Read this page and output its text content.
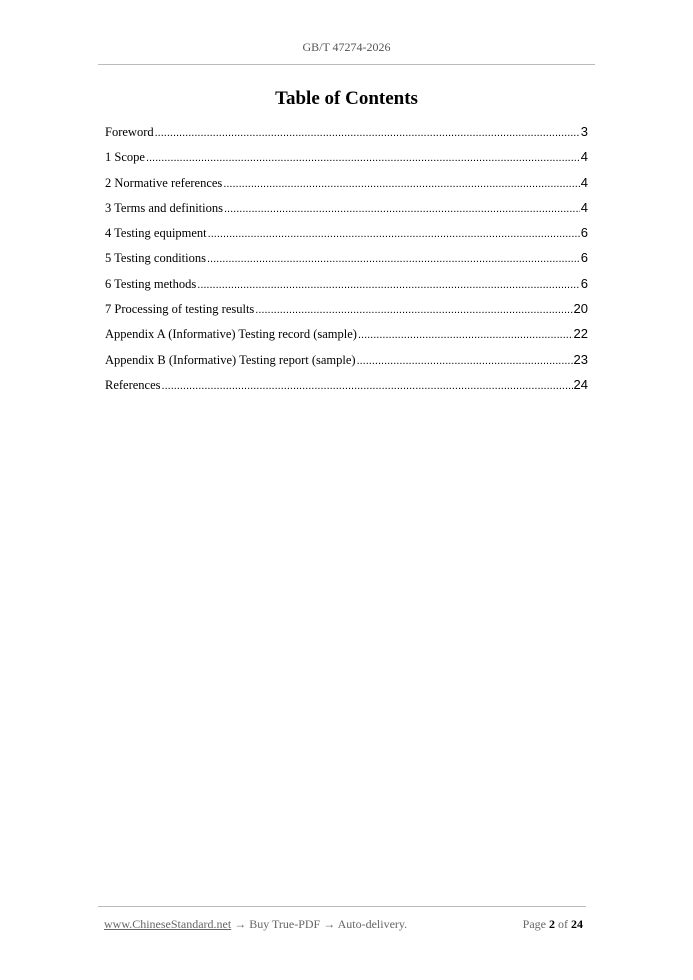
GB/T 47274-2026
Table of Contents
Foreword .....	3
1 Scope .....	4
2 Normative references .....	4
3 Terms and definitions .....	4
4 Testing equipment .....	6
5 Testing conditions .....	6
6 Testing methods .....	6
7 Processing of testing results .....	20
Appendix A (Informative) Testing record (sample) .....	22
Appendix B (Informative) Testing report (sample) .....	23
References .....	24
www.ChineseStandard.net → Buy True-PDF → Auto-delivery.	Page 2 of 24
